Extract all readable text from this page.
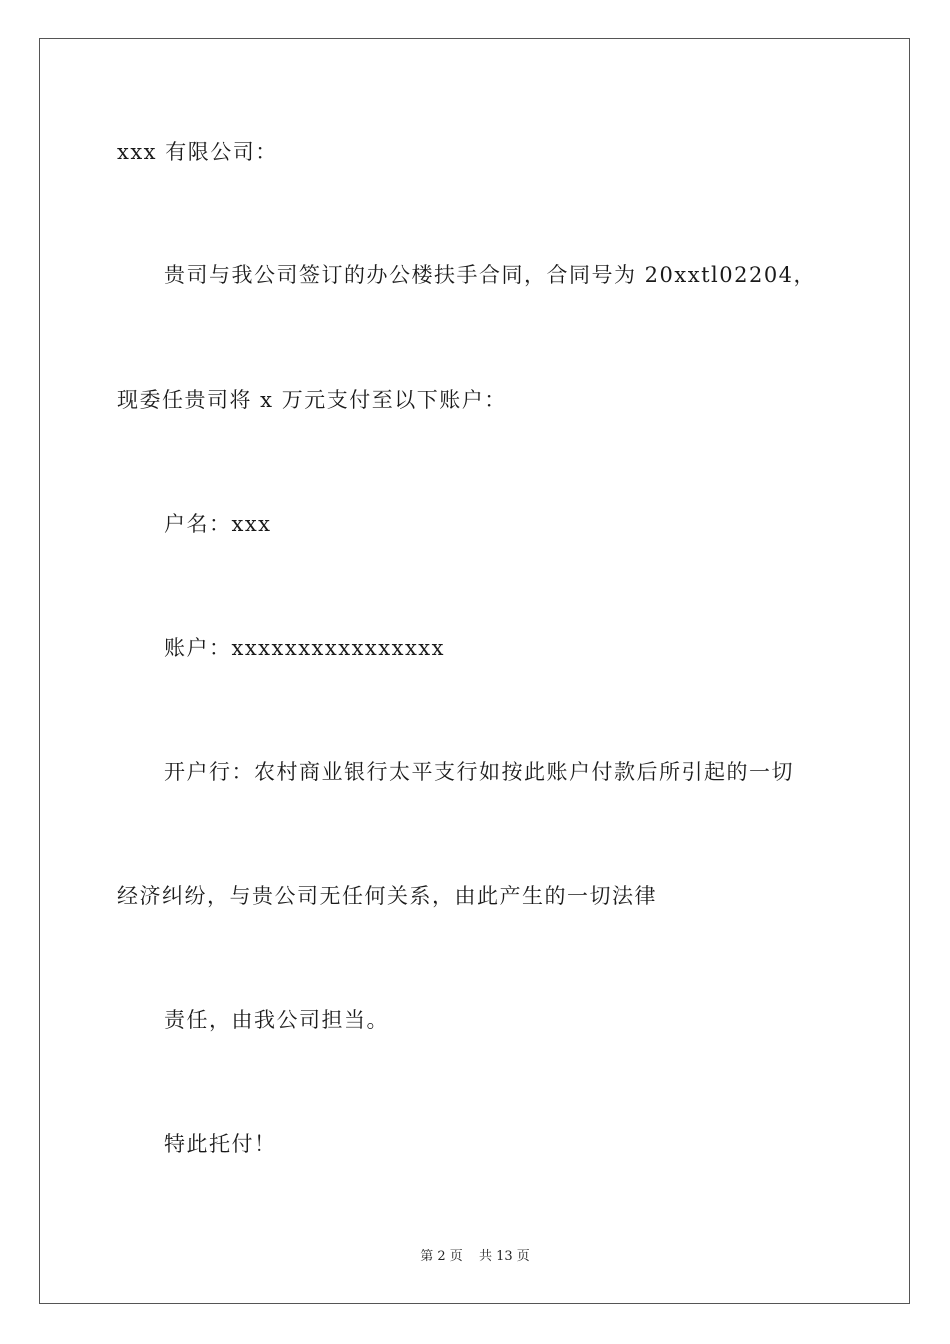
xxx 有限公司：
贵司与我公司签订的办公楼扶手合同，合同号为 20xxtl02204，
现委任贵司将 x 万元支付至以下账户：
户名：xxx
账户：xxxxxxxxxxxxxxxx
开户行：农村商业银行太平支行如按此账户付款后所引起的一切
经济纠纷，与贵公司无任何关系，由此产生的一切法律
责任，由我公司担当。
特此托付！
第 2 页 共 13 页
